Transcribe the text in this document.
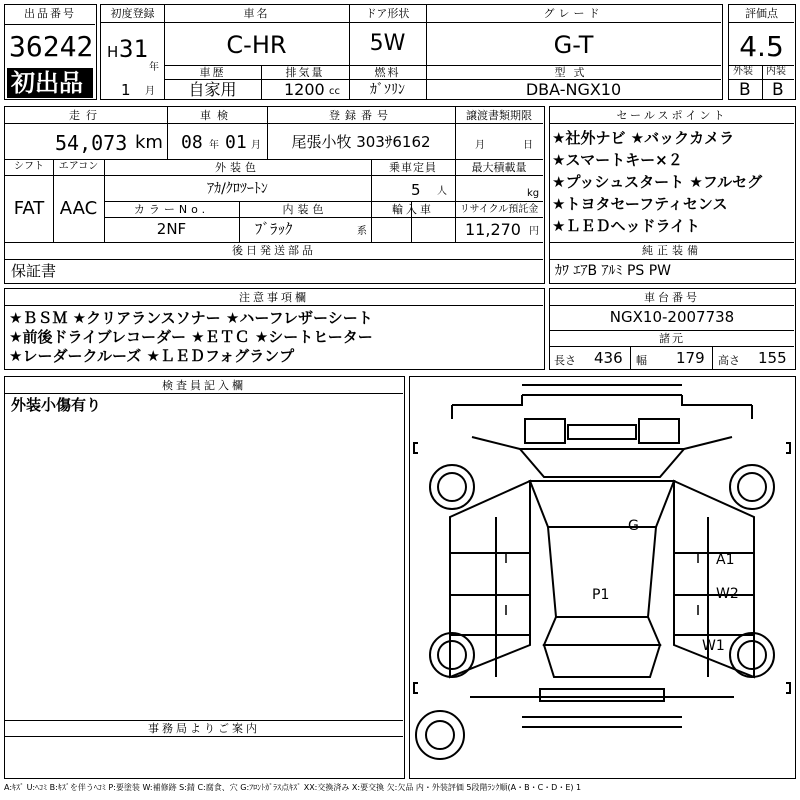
出品番号
36242
初出品
初度登録
H 31
年
1 月
車名
C-HR
ドア形状
5W
グレード
G-T
車歴
自家用
排気量
1200 cc
燃料
ｶﾞｿﾘﾝ
型式
DBA-NGX10
評価点
4.5
外装 内装
B B
走行
54,073 km
車検
08 年 01 月
登録番号
尾張小牧 303ｻ6162
譲渡書類期限
月	日
シフト
FAT
エアコン
AAC
外装色
ｱｶ/ｸﾛﾂｰﾄﾝ
乗車定員
5 人
最大積載量
kg
カラーNo.
2NF
内装色
ﾌﾞﾗｯｸ	系
輸入車	リサイクル預託金
11,270 円
後日発送部品
保証書
セールスポイント
★社外ナビ ★バックカメラ
★スマートキー×２
★プッシュスタート ★フルセグ
★トヨタセーフティセンス
★ＬＥＤヘッドライト
純正装備
ｶﾜ ｴｱB ｱﾙﾐ PS PW
注意事項欄
★ＢＳＭ ★クリアランスソナー ★ハーフレザーシート
★前後ドライブレコーダー ★ＥＴＣ ★シートヒーター
★レーダークルーズ ★ＬＥＤフォグランプ
車台番号
NGX10-2007738
諸元
長さ 436 幅 179 高さ 155
検査員記入欄
外装小傷有り
事務局よりご案内
G
A1
W2
P1
W1
A:ｷｽﾞ U:ﾍｺﾐ B:ｷｽﾞを伴うﾍｺﾐ P:要塗装 W:補修跡 S:錆 C:腐食、穴 G:ﾌﾛﾝﾄｶﾞﾗｽ点ｷｽﾞ XX:交換済み X:要交換 欠:欠品 内・外装評価 5段階ﾗﾝｸ順(A・B・C・D・E) 1
